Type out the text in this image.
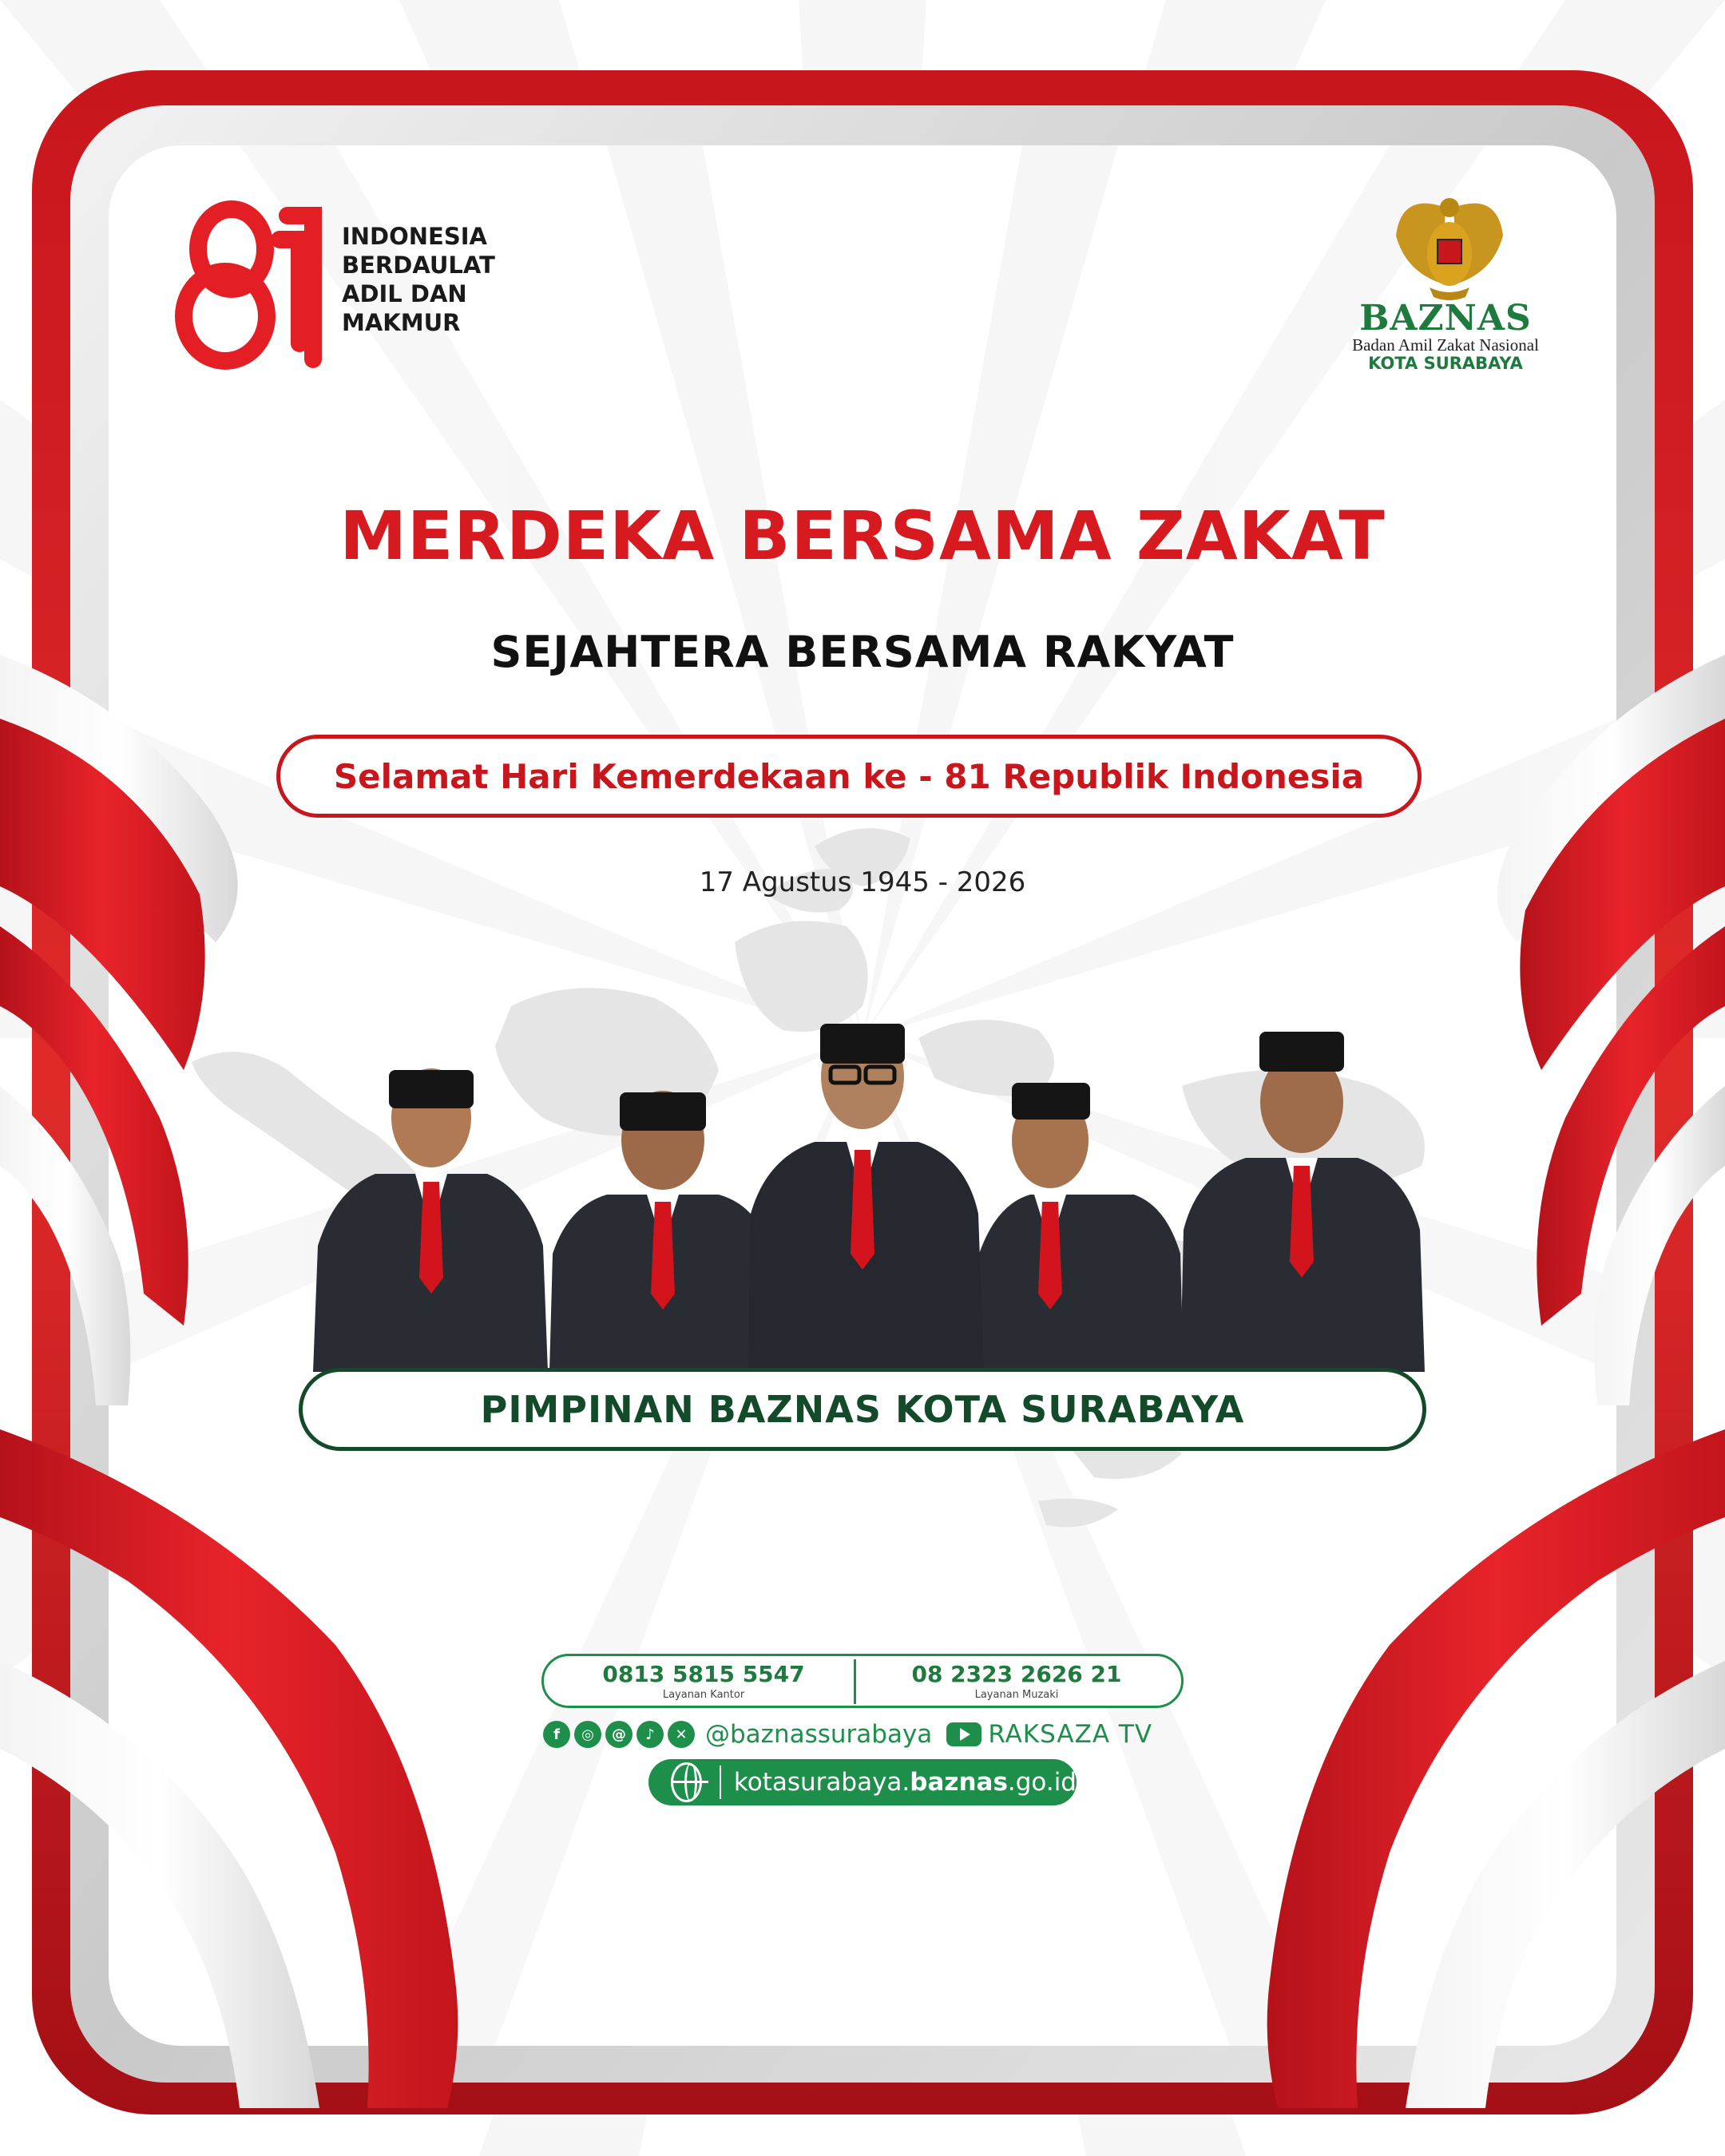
INDONESIA
BERDAULAT
ADIL DAN
MAKMUR	BAZNAS
Badan Amil Zakat Nasional
KOTA SURABAYA
MERDEKA BERSAMA ZAKAT
SEJAHTERA BERSAMA RAKYAT
Selamat Hari Kemerdekaan ke - 81 Republik Indonesia
17 Agustus 1945 - 2026
PIMPINAN BAZNAS KOTA SURABAYA
0813 5815 5547
Layanan Kantor
08 2323 2626 21
Layanan Muzaki
f	◎	@	♪	✕ @baznassurabaya RAKSAZA TV
kotasurabaya.baznas.go.id
